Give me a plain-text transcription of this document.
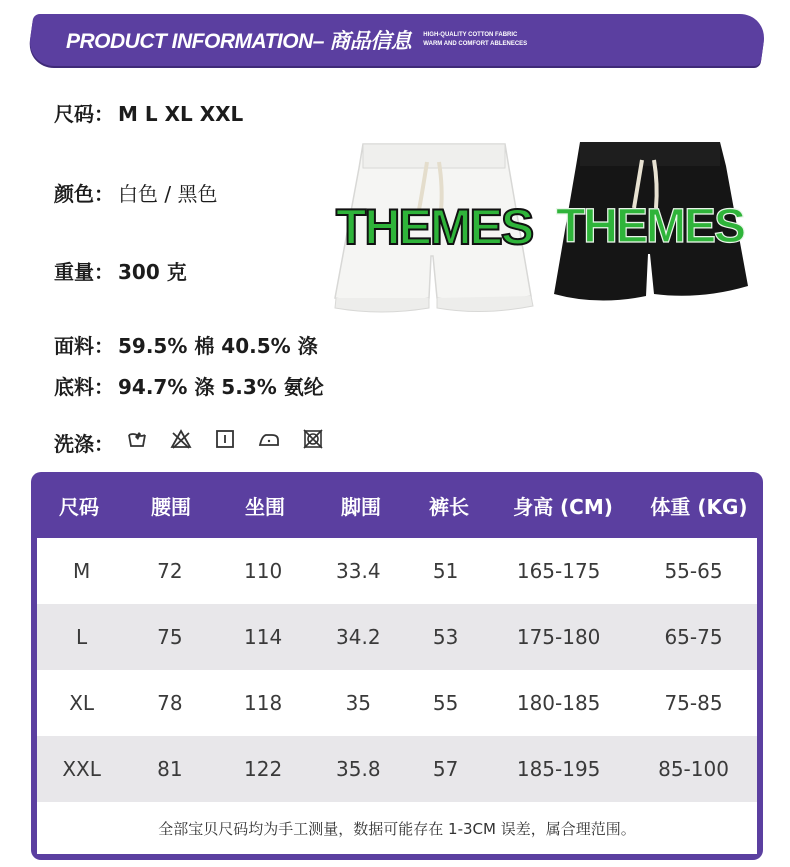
PRODUCT INFORMATION– 商品信息 HIGH-QUALITY COTTON FABRIC
WARM AND COMFORT ABLENECES
尺码： M L XL XXL
颜色： 白色 / 黑色
重量： 300 克
面料： 59.5% 棉 40.5% 涤
底料： 94.7% 涤 5.3% 氨纶
洗涤：
THEMES THEMES
尺码	腰围	坐围	脚围	裤长	身高 (CM)	体重 (KG)
M	72	110	33.4	51	165-175	55-65
L	75	114	34.2	53	175-180	65-75
XL	78	118	35	55	180-185	75-85
XXL	81	122	35.8	57	185-195	85-100
全部宝贝尺码均为手工测量，数据可能存在 1-3CM 误差，属合理范围。
